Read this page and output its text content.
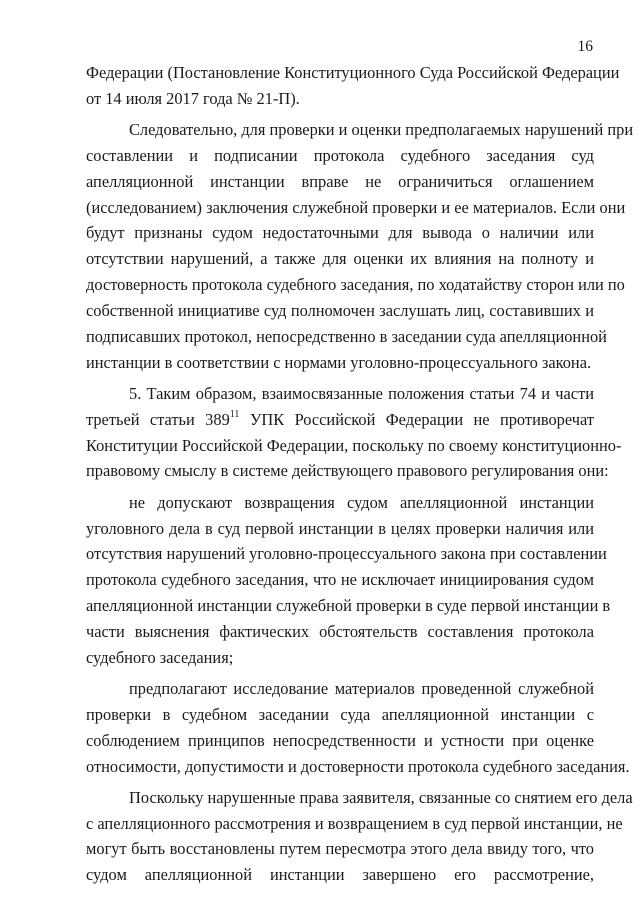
16
Федерации (Постановление Конституционного Суда Российской Федерации
от 14 июля 2017 года № 21-П).
Следовательно, для проверки и оценки предполагаемых нарушений при
составлении и подписании протокола судебного заседания суд
апелляционной инстанции вправе не ограничиться оглашением
(исследованием) заключения служебной проверки и ее материалов. Если они
будут признаны судом недостаточными для вывода о наличии или
отсутствии нарушений, а также для оценки их влияния на полноту и
достоверность протокола судебного заседания, по ходатайству сторон или по
собственной инициативе суд полномочен заслушать лиц, составивших и
подписавших протокол, непосредственно в заседании суда апелляционной
инстанции в соответствии с нормами уголовно-процессуального закона.
5. Таким образом, взаимосвязанные положения статьи 74 и части
третьей статьи $389^{11}$ УПК Российской Федерации не противоречат
Конституции Российской Федерации, поскольку по своему конституционно-
правовому смыслу в системе действующего правового регулирования они:
не допускают возвращения судом апелляционной инстанции
уголовного дела в суд первой инстанции в целях проверки наличия или
отсутствия нарушений уголовно-процессуального закона при составлении
протокола судебного заседания, что не исключает инициирования судом
апелляционной инстанции служебной проверки в суде первой инстанции в
части выяснения фактических обстоятельств составления протокола
судебного заседания;
предполагают исследование материалов проведенной служебной
проверки в судебном заседании суда апелляционной инстанции с
соблюдением принципов непосредственности и устности при оценке
относимости, допустимости и достоверности протокола судебного заседания.
Поскольку нарушенные права заявителя, связанные со снятием его дела
с апелляционного рассмотрения и возвращением в суд первой инстанции, не
могут быть восстановлены путем пересмотра этого дела ввиду того, что
судом апелляционной инстанции завершено его рассмотрение,
